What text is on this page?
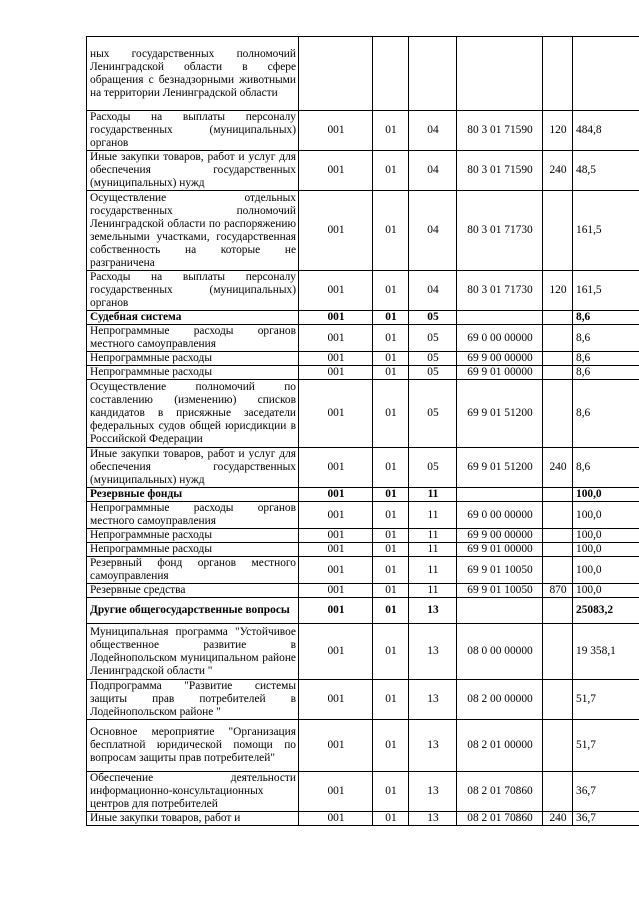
ных государственных полномочий Ленинградской области в сфере обращения с безнадзорными животными на территории Ленинградской области						
Расходы на выплаты персоналу государственных (муниципальных) органов	001	01	04	80 3 01 71590	120	484,8
Иные закупки товаров, работ и услуг для обеспечения государственных (муниципальных) нужд	001	01	04	80 3 01 71590	240	48,5
Осуществление отдельных государственных полномочий Ленинградской области по распоряжению земельными участками, государственная собственность на которые не разграничена	001	01	04	80 3 01 71730		161,5
Расходы на выплаты персоналу государственных (муниципальных) органов	001	01	04	80 3 01 71730	120	161,5
Судебная система	001	01	05			8,6
Непрограммные расходы органов местного самоуправления	001	01	05	69 0 00 00000		8,6
Непрограммные расходы	001	01	05	69 9 00 00000		8,6
Непрограммные расходы	001	01	05	69 9 01 00000		8,6
Осуществление полномочий по составлению (изменению) списков кандидатов в присяжные заседатели федеральных судов общей юрисдикции в Российской Федерации	001	01	05	69 9 01 51200		8,6
Иные закупки товаров, работ и услуг для обеспечения государственных (муниципальных) нужд	001	01	05	69 9 01 51200	240	8,6
Резервные фонды	001	01	11			100,0
Непрограммные расходы органов местного самоуправления	001	01	11	69 0 00 00000		100,0
Непрограммные расходы	001	01	11	69 9 00 00000		100,0
Непрограммные расходы	001	01	11	69 9 01 00000		100,0
Резервный фонд органов местного самоуправления	001	01	11	69 9 01 10050		100,0
Резервные средства	001	01	11	69 9 01 10050	870	100,0
Другие общегосударственные вопросы	001	01	13			25083,2
Муниципальная программа "Устойчивое общественное развитие в Лодейнопольском муниципальном районе Ленинградской области "	001	01	13	08 0 00 00000		19 358,1
Подпрограмма "Развитие системы защиты прав потребителей в Лодейнопольском районе "	001	01	13	08 2 00 00000		51,7
Основное мероприятие "Организация бесплатной юридической помощи по вопросам защиты прав потребителей"	001	01	13	08 2 01 00000		51,7
Обеспечение деятельности информационно-консультационных центров для потребителей	001	01	13	08 2 01 70860		36,7
Иные закупки товаров, работ и	001	01	13	08 2 01 70860	240	36,7
